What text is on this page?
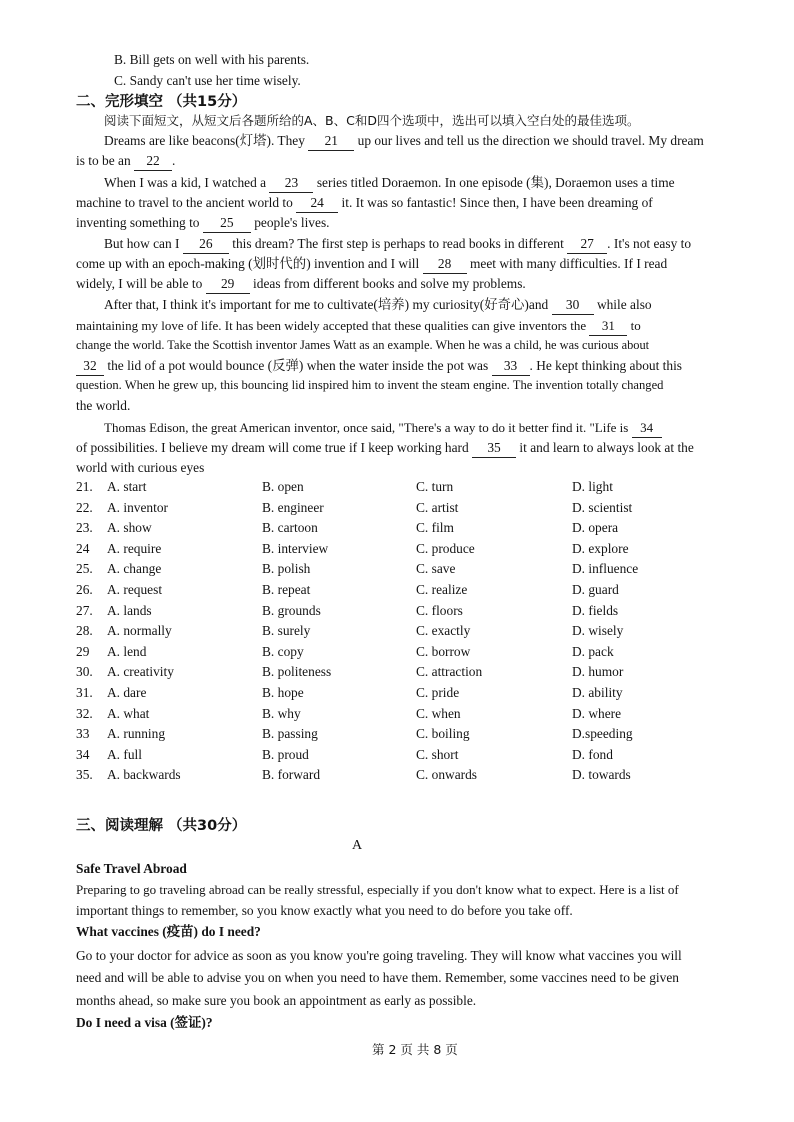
B. Bill gets on well with his parents.
C. Sandy can't use her time wisely.
二、完形填空 （共15分）
阅读下面短文，从短文后各题所给的A、B、C和D四个选项中，选出可以填入空白处的最佳选项。
Dreams are like beacons(灯塔). They 21 up our lives and tell us the direction we should travel. My dream
is to be an 22 .
When I was a kid, I watched a 23 series titled Doraemon. In one episode (集), Doraemon uses a time
machine to travel to the ancient world to 24 it. It was so fantastic! Since then, I have been dreaming of
inventing something to 25 people's lives.
But how can I 26 this dream? The first step is perhaps to read books in different 27 . It's not easy to
come up with an epoch-making (划时代的) invention and I will 28 meet with many difficulties. If I read
widely, I will be able to 29 ideas from different books and solve my problems.
After that, I think it's important for me to cultivate(培养) my curiosity(好奇心)and 30 while also
maintaining my love of life. It has been widely accepted that these qualities can give inventors the 31 to
change the world. Take the Scottish inventor James Watt as an example. When he was a child, he was curious about
32 the lid of a pot would bounce (反弹) when the water inside the pot was 33 . He kept thinking about this
question. When he grew up, this bouncing lid inspired him to invent the steam engine. The invention totally changed
the world.
Thomas Edison, the great American inventor, once said, "There's a way to do it better find it. "Life is 34
of possibilities. I believe my dream will come true if I keep working hard 35 it and learn to always look at the
world with curious eyes
21. A. start	B. open	C. turn	D. light
22. A. inventor	B. engineer	C. artist	D. scientist
23. A. show	B. cartoon	C. film	D. opera
24 A. require	B. interview	C. produce	D. explore
25. A. change	B. polish	C. save	D. influence
26. A. request	B. repeat	C. realize	D. guard
27. A. lands	B. grounds	C. floors	D. fields
28. A. normally	B. surely	C. exactly	D. wisely
29 A. lend	B. copy	C. borrow	D. pack
30. A. creativity	B. politeness	C. attraction	D. humor
31. A. dare	B. hope	C. pride	D. ability
32. A. what	B. why	C. when	D. where
33 A. running	B. passing	C. boiling	D.speeding
34 A. full	B. proud	C. short	D. fond
35. A. backwards	B. forward	C. onwards	D. towards
三、阅读理解 （共30分）
A
Safe Travel Abroad
Preparing to go traveling abroad can be really stressful, especially if you don't know what to expect. Here is a list of
important things to remember, so you know exactly what you need to do before you take off.
What vaccines (疫苗) do I need?
Go to your doctor for advice as soon as you know you're going traveling. They will know what vaccines you will
need and will be able to advise you on when you need to have them. Remember, some vaccines need to be given
months ahead, so make sure you book an appointment as early as possible.
Do I need a visa (签证)?
第 2 页 共 8 页
